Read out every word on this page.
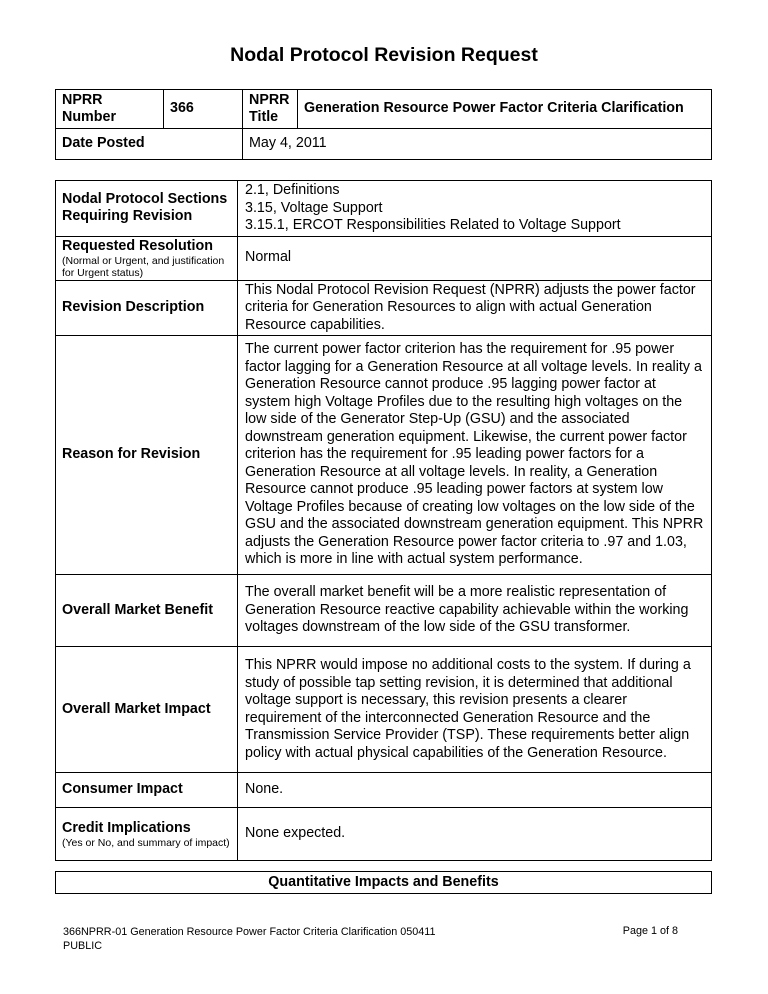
Nodal Protocol Revision Request
NPRR Number	366	NPRR Title	Generation Resource Power Factor Criteria Clarification
Date Posted		May 4, 2011	
Nodal Protocol Sections Requiring Revision	2.1, Definitions
3.15, Voltage Support
3.15.1, ERCOT Responsibilities Related to Voltage Support

Requested Resolution
(Normal or Urgent, and justification for Urgent status)	Normal
Revision Description	This Nodal Protocol Revision Request (NPRR) adjusts the power factor criteria for Generation Resources to align with actual Generation Resource capabilities.
Reason for Revision	The current power factor criterion has the requirement for .95 power factor lagging for a Generation Resource at all voltage levels. In reality a Generation Resource cannot produce .95 lagging power factor at system high Voltage Profiles due to the resulting high voltages on the low side of the Generator Step-Up (GSU) and the associated downstream generation equipment. Likewise, the current power factor criterion has the requirement for .95 leading power factors for a Generation Resource at all voltage levels. In reality, a Generation Resource cannot produce .95 leading power factors at system low Voltage Profiles because of creating low voltages on the low side of the GSU and the associated downstream generation equipment. This NPRR adjusts the Generation Resource power factor criteria to .97 and 1.03, which is more in line with actual system performance.
Overall Market Benefit	The overall market benefit will be a more realistic representation of Generation Resource reactive capability achievable within the working voltages downstream of the low side of the GSU transformer.
Overall Market Impact	This NPRR would impose no additional costs to the system. If during a study of possible tap setting revision, it is determined that additional voltage support is necessary, this revision presents a clearer requirement of the interconnected Generation Resource and the Transmission Service Provider (TSP). These requirements better align policy with actual physical capabilities of the Generation Resource.
Consumer Impact	None.

Credit Implications
(Yes or No, and summary of impact)	None expected.
Quantitative Impacts and Benefits
366NPRR-01 Generation Resource Power Factor Criteria Clarification 050411
PUBLIC
Page 1 of 8
